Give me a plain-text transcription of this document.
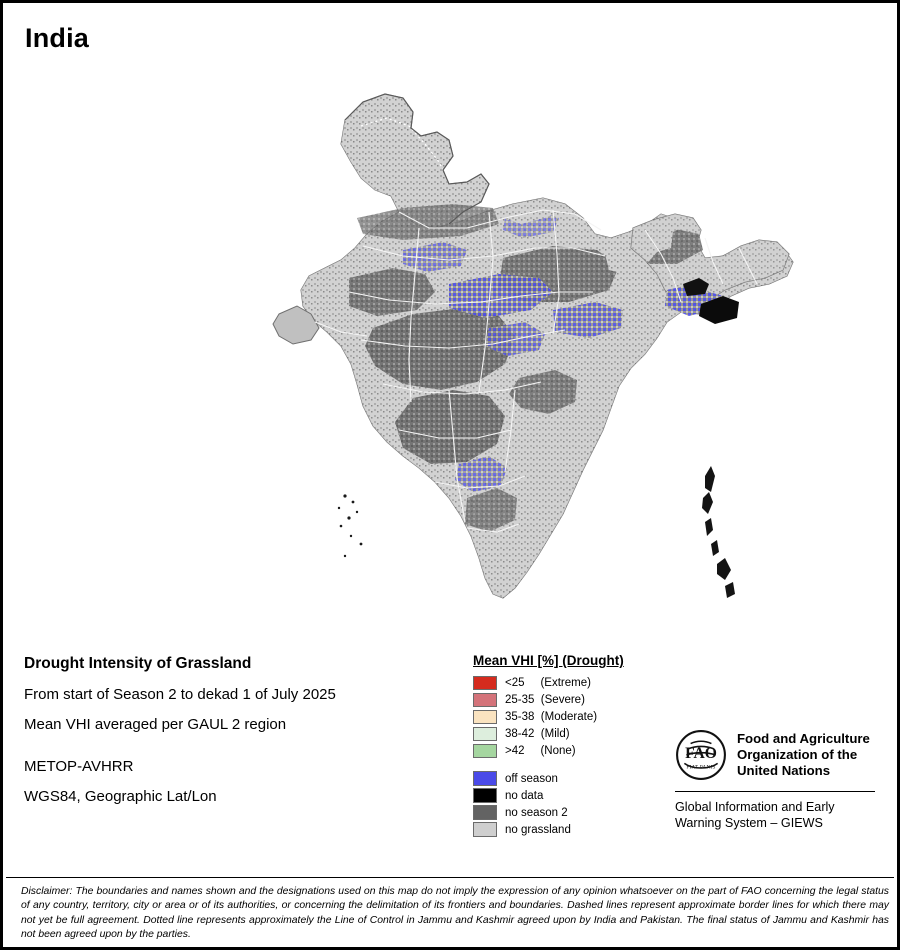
India
Drought Intensity of Grassland
From start of Season 2 to dekad 1 of July 2025
Mean VHI averaged per GAUL 2 region
METOP-AVHRR
WGS84, Geographic Lat/Lon
Mean VHI [%] (Drought)
<25     (Extreme)
25-35  (Severe)
35-38  (Moderate)
38-42  (Mild)
>42     (None)
off season
no data
no season 2
no grassland
FAO
FIAT PANIS
Food and Agriculture
Organization of the
United Nations
Global Information and Early
Warning System – GIEWS
Disclaimer: The boundaries and names shown and the designations used on this map do not imply the expression of any opinion whatsoever on the part of FAO concerning the legal status of any country, territory, city or area or of its authorities, or concerning the delimitation of its frontiers and boundaries. Dashed lines represent approximate border lines for which there may not yet be full agreement. Dotted line represents approximately the Line of Control in Jammu and Kashmir agreed upon by India and Pakistan. The final status of Jammu and Kashmir has not been agreed upon by the parties.
